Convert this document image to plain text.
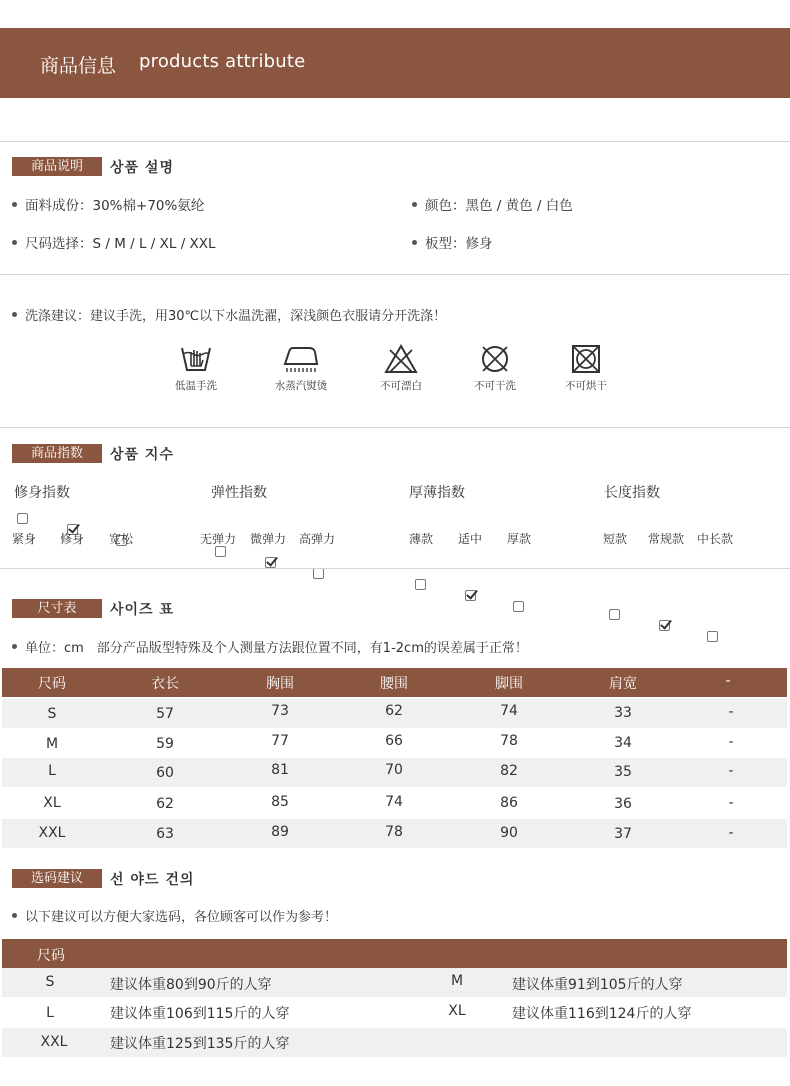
商品信息 products attribute
商品说明	상품 설명
面料成份：30%棉+70%氨纶	颜色：黑色 / 黄色 / 白色
尺码选择：S / M / L / XL / XXL	板型：修身
洗涤建议：建议手洗，用30℃以下水温洗濯，深浅颜色衣服请分开洗涤！
低温手洗	水蒸汽熨烫	不可漂白	不可干洗	不可烘干
商品指数	상품 지수
修身指数
紧身 修身 宽松
弹性指数
无弹力 微弹力 高弹力
厚薄指数
薄款 适中 厚款
长度指数
短款 常规款 中长款
尺寸表	사이즈 표
单位：cm　部分产品版型特殊及个人测量方法跟位置不同，有1-2cm的误差属于正常！
尺码	衣长	胸围	腰围	脚围	肩宽	-
S	57	73	62	74	33	-
M	59	77	66	78	34	-
L	60	81	70	82	35	-
XL	62	85	74	86	36	-
XXL	63	89	78	90	37	-
选码建议	선 야드 건의
以下建议可以方便大家选码，各位顾客可以作为参考！
尺码
S	建议体重80到90斤的人穿	M	建议体重91到105斤的人穿
L	建议体重106到115斤的人穿	XL	建议体重116到124斤的人穿
XXL	建议体重125到135斤的人穿
